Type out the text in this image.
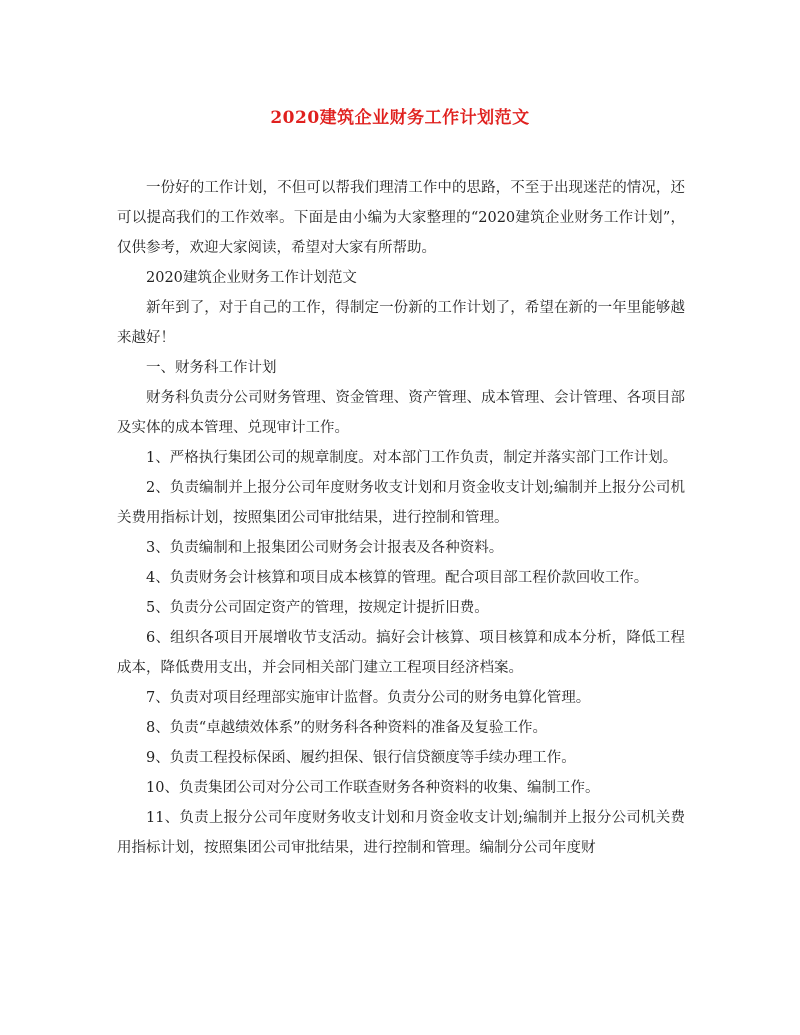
2020建筑企业财务工作计划范文

一份好的工作计划，不但可以帮我们理清工作中的思路，不至于出现迷茫的情况，还可以提高我们的工作效率。下面是由小编为大家整理的“2020建筑企业财务工作计划”，仅供参考，欢迎大家阅读，希望对大家有所帮助。

2020建筑企业财务工作计划范文

新年到了，对于自己的工作，得制定一份新的工作计划了，希望在新的一年里能够越来越好！

一、财务科工作计划

财务科负责分公司财务管理、资金管理、资产管理、成本管理、会计管理、各项目部及实体的成本管理、兑现审计工作。

1、严格执行集团公司的规章制度。对本部门工作负责，制定并落实部门工作计划。

2、负责编制并上报分公司年度财务收支计划和月资金收支计划;编制并上报分公司机关费用指标计划，按照集团公司审批结果，进行控制和管理。

3、负责编制和上报集团公司财务会计报表及各种资料。

4、负责财务会计核算和项目成本核算的管理。配合项目部工程价款回收工作。

5、负责分公司固定资产的管理，按规定计提折旧费。

6、组织各项目开展增收节支活动。搞好会计核算、项目核算和成本分析，降低工程成本，降低费用支出，并会同相关部门建立工程项目经济档案。

7、负责对项目经理部实施审计监督。负责分公司的财务电算化管理。

8、负责“卓越绩效体系”的财务科各种资料的准备及复验工作。

9、负责工程投标保函、履约担保、银行信贷额度等手续办理工作。

10、负责集团公司对分公司工作联查财务各种资料的收集、编制工作。

11、负责上报分公司年度财务收支计划和月资金收支计划;编制并上报分公司机关费用指标计划，按照集团公司审批结果，进行控制和管理。编制分公司年度财
